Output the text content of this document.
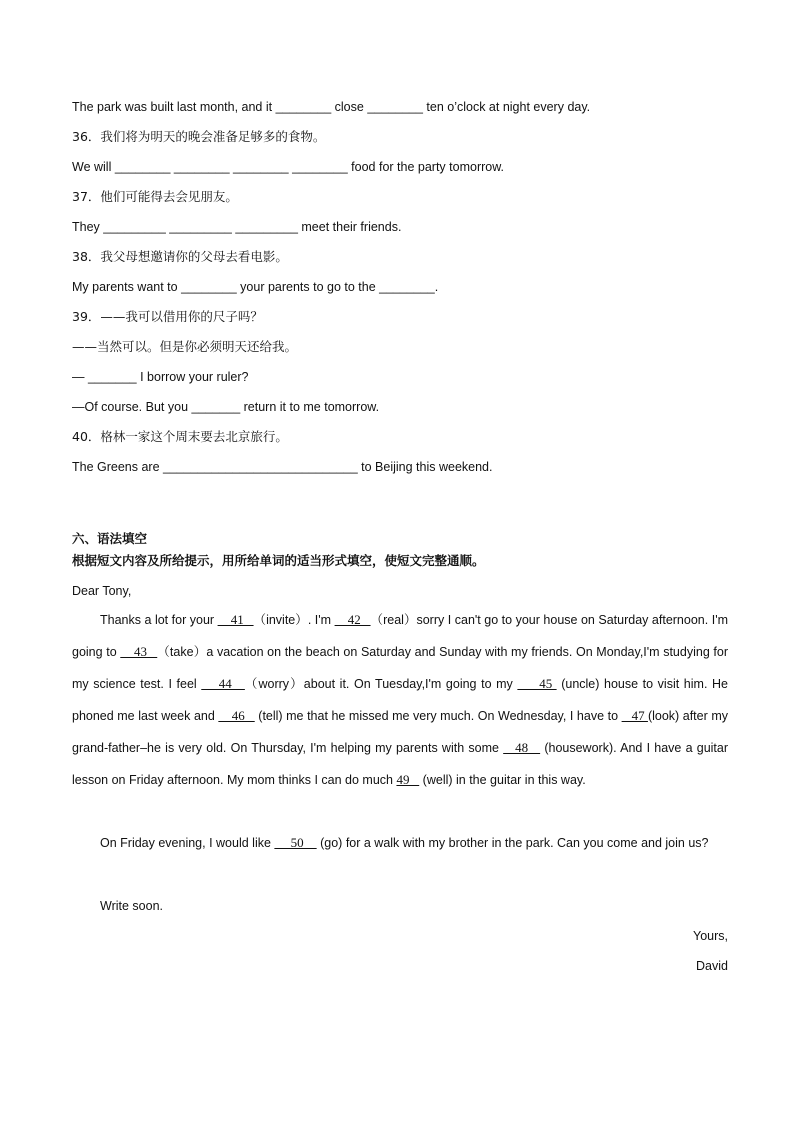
The park was built last month, and it ________ close ________ ten o’clock at night every day.
36．我们将为明天的晚会准备足够多的食物。
We will ________ ________ ________ ________ food for the party tomorrow.
37．他们可能得去会见朋友。
They _________ _________ _________ meet their friends.
38．我父母想邀请你的父母去看电影。
My parents want to ________ your parents to go to the ________.
39．——我可以借用你的尺子吗？
——当然可以。但是你必须明天还给我。
— _______ I borrow your ruler?
—Of course. But you _______ return it to me tomorrow.
40．格林一家这个周末要去北京旅行。
The Greens are ____________________________ to Beijing this weekend.
六、语法填空
根据短文内容及所给提示，用所给单词的适当形式填空，使短文完整通顺。
Dear Tony,
Thanks a lot for your     41   （invite）. I'm     42   （real）sorry I can't go to your house on Saturday afternoon. I'm going to     43   （take）a vacation on the beach on Saturday and Sunday with my friends. On Monday,I'm studying for my science test. I feel     44   （worry）about it. On Tuesday,I'm going to my      45  (uncle) house to visit him. He phoned me last week and     46    (tell) me that he missed me very much. On Wednesday, I have to    47 (look) after my grand-father–he is very old. On Thursday, I'm helping my parents with some    48    (housework). And I have a guitar lesson on Friday afternoon. My mom thinks I can do much 49    (well) in the guitar in this way.
On Friday evening, I would like      50     (go) for a walk with my brother in the park. Can you come and join us?
Write soon.
Yours,
David
